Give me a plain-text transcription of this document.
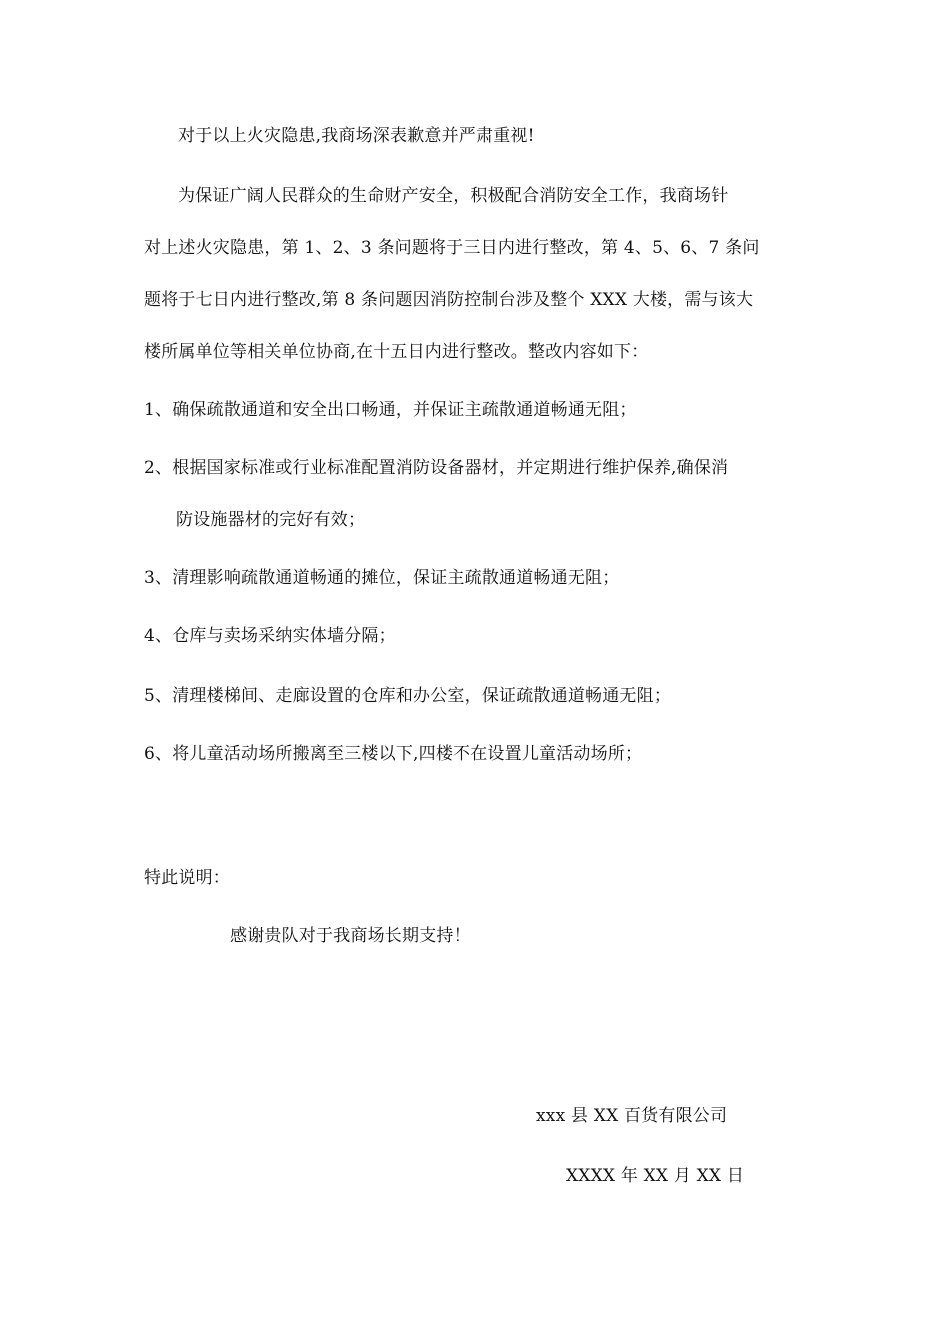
对于以上火灾隐患,我商场深表歉意并严肃重视!
为保证广阔人民群众的生命财产安全，积极配合消防安全工作，我商场针
对上述火灾隐患，第 1、2、3 条问题将于三日内进行整改，第 4、5、6、7 条问
题将于七日内进行整改,第 8 条问题因消防控制台涉及整个 XXX 大楼，需与该大
楼所属单位等相关单位协商,在十五日内进行整改。整改内容如下：
1、确保疏散通道和安全出口畅通，并保证主疏散通道畅通无阻；
2、根据国家标准或行业标准配置消防设备器材，并定期进行维护保养,确保消
防设施器材的完好有效；
3、清理影响疏散通道畅通的摊位，保证主疏散通道畅通无阻；
4、仓库与卖场采纳实体墙分隔；
5、清理楼梯间、走廊设置的仓库和办公室，保证疏散通道畅通无阻；
6、将儿童活动场所搬离至三楼以下,四楼不在设置儿童活动场所；
特此说明：
感谢贵队对于我商场长期支持！
xxx 县 XX 百货有限公司
XXXX 年 XX 月 XX 日
